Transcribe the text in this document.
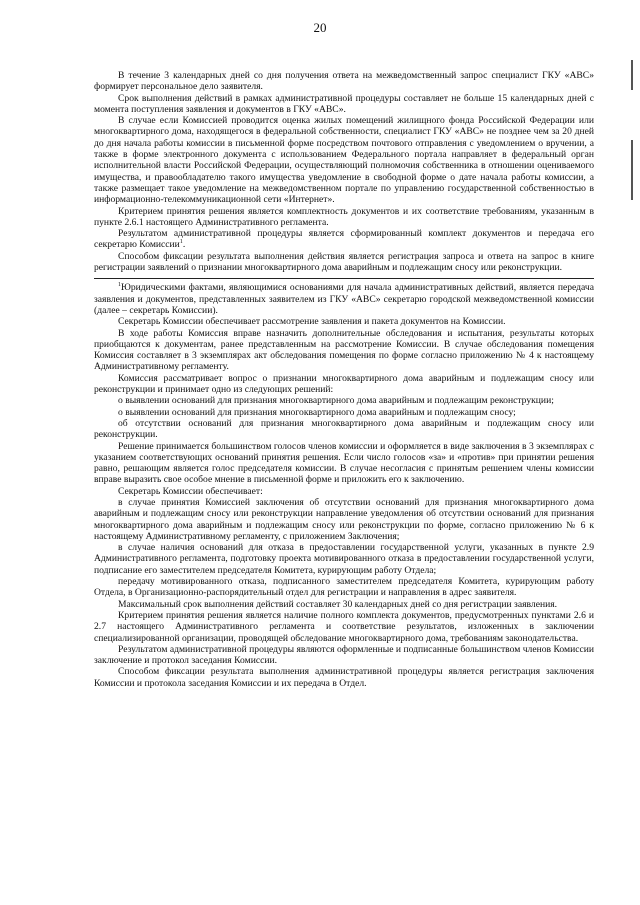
20

В течение 3 календарных дней со дня получения ответа на межведомственный запрос специалист ГКУ «АВС» формирует персональное дело заявителя.

Срок выполнения действий в рамках административной процедуры составляет не больше 15 календарных дней с момента поступления заявления и документов в ГКУ «АВС».

В случае если Комиссией проводится оценка жилых помещений жилищного фонда Российской Федерации или многоквартирного дома, находящегося в федеральной собственности, специалист ГКУ «АВС» не позднее чем за 20 дней до дня начала работы комиссии в письменной форме посредством почтового отправления с уведомлением о вручении, а также в форме электронного документа с использованием Федерального портала направляет в федеральный орган исполнительной власти Российской Федерации, осуществляющий полномочия собственника в отношении оцениваемого имущества, и правообладателю такого имущества уведомление в свободной форме о дате начала работы комиссии, а также размещает такое уведомление на межведомственном портале по управлению государственной собственностью в информационно-телекоммуникационной сети «Интернет».

Критерием принятия решения является комплектность документов и их соответствие требованиям, указанным в пункте 2.6.1 настоящего Административного регламента.

Результатом административной процедуры является сформированный комплект документов и передача его секретарю Комиссии$^1$.

Способом фиксации результата выполнения действия является регистрация запроса и ответа на запрос в книге регистрации заявлений о признании многоквартирного дома аварийным и подлежащим сносу или реконструкции.

$^1$Юридическими фактами, являющимися основаниями для начала административных действий, является передача заявления и документов, представленных заявителем из ГКУ «АВС» секретарю городской межведомственной комиссии (далее – секретарь Комиссии).

Секретарь Комиссии обеспечивает рассмотрение заявления и пакета документов на Комиссии.

В ходе работы Комиссия вправе назначить дополнительные обследования и испытания, результаты которых приобщаются к документам, ранее представленным на рассмотрение Комиссии. В случае обследования помещения Комиссия составляет в 3 экземплярах акт обследования помещения по форме согласно приложению № 4 к настоящему Административному регламенту.

Комиссия рассматривает вопрос о признании многоквартирного дома аварийным и подлежащим сносу или реконструкции и принимает одно из следующих решений:

о выявлении оснований для признания многоквартирного дома аварийным и подлежащим реконструкции;

о выявлении оснований для признания многоквартирного дома аварийным и подлежащим сносу;

об отсутствии оснований для признания многоквартирного дома аварийным и подлежащим сносу или реконструкции.

Решение принимается большинством голосов членов комиссии и оформляется в виде заключения в 3 экземплярах с указанием соответствующих оснований принятия решения. Если число голосов «за» и «против» при принятии решения равно, решающим является голос председателя комиссии. В случае несогласия с принятым решением члены комиссии вправе выразить свое особое мнение в письменной форме и приложить его к заключению.

Секретарь Комиссии обеспечивает:

в случае принятия Комиссией заключения об отсутствии оснований для признания многоквартирного дома аварийным и подлежащим сносу или реконструкции направление уведомления об отсутствии оснований для признания многоквартирного дома аварийным и подлежащим сносу или реконструкции по форме, согласно приложению № 6 к настоящему Административному регламенту, с приложением Заключения;

в случае наличия оснований для отказа в предоставлении государственной услуги, указанных в пункте 2.9 Административного регламента, подготовку проекта мотивированного отказа в предоставлении государственной услуги, подписание его заместителем председателя Комитета, курирующим работу Отдела;

передачу мотивированного отказа, подписанного заместителем председателя Комитета, курирующим работу Отдела, в Организационно-распорядительный отдел для регистрации и направления в адрес заявителя.

Максимальный срок выполнения действий составляет 30 календарных дней со дня регистрации заявления.

Критерием принятия решения является наличие полного комплекта документов, предусмотренных пунктами 2.6 и 2.7 настоящего Административного регламента и соответствие результатов, изложенных в заключении специализированной организации, проводящей обследование многоквартирного дома, требованиям законодательства.

Результатом административной процедуры являются оформленные и подписанные большинством членов Комиссии заключение и протокол заседания Комиссии.

Способом фиксации результата выполнения административной процедуры является регистрация заключения Комиссии и протокола заседания Комиссии и их передача в Отдел.
